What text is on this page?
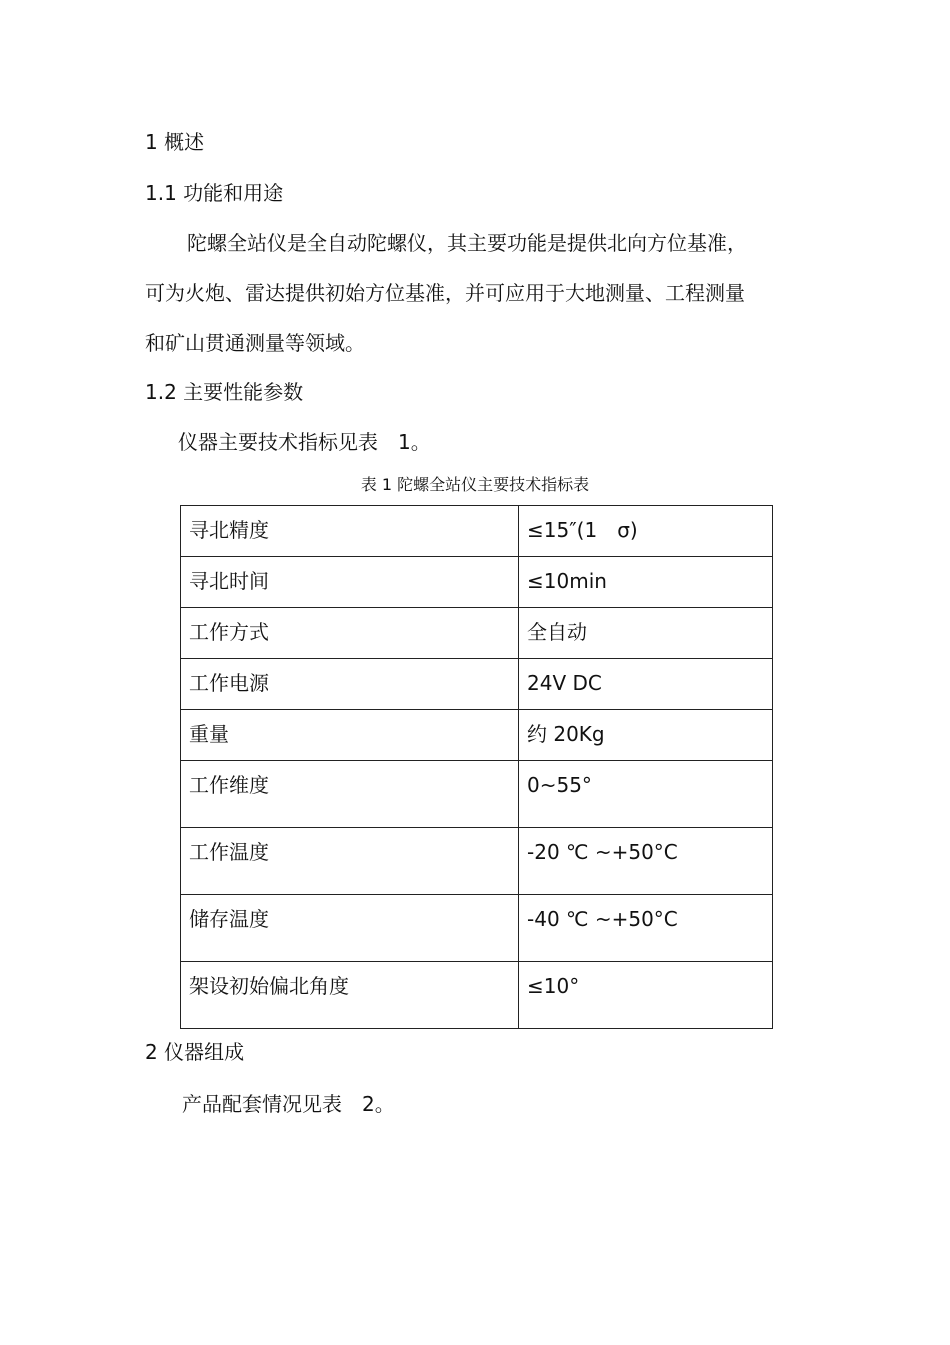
1 概述
1.1 功能和用途
陀螺全站仪是全自动陀螺仪，其主要功能是提供北向方位基准，
可为火炮、雷达提供初始方位基准，并可应用于大地测量、工程测量
和矿山贯通测量等领域。
1.2 主要性能参数
仪器主要技术指标见表　1。
表 1 陀螺全站仪主要技术指标表
寻北精度	≤15″(1　σ)
寻北时间	≤10min
工作方式	全自动
工作电源	24V DC
重量	约 20Kg
工作维度	0~55°
工作温度	-20 ℃ ~+50°C
储存温度	-40 ℃ ~+50°C
架设初始偏北角度	≤10°
2 仪器组成
产品配套情况见表　2。
